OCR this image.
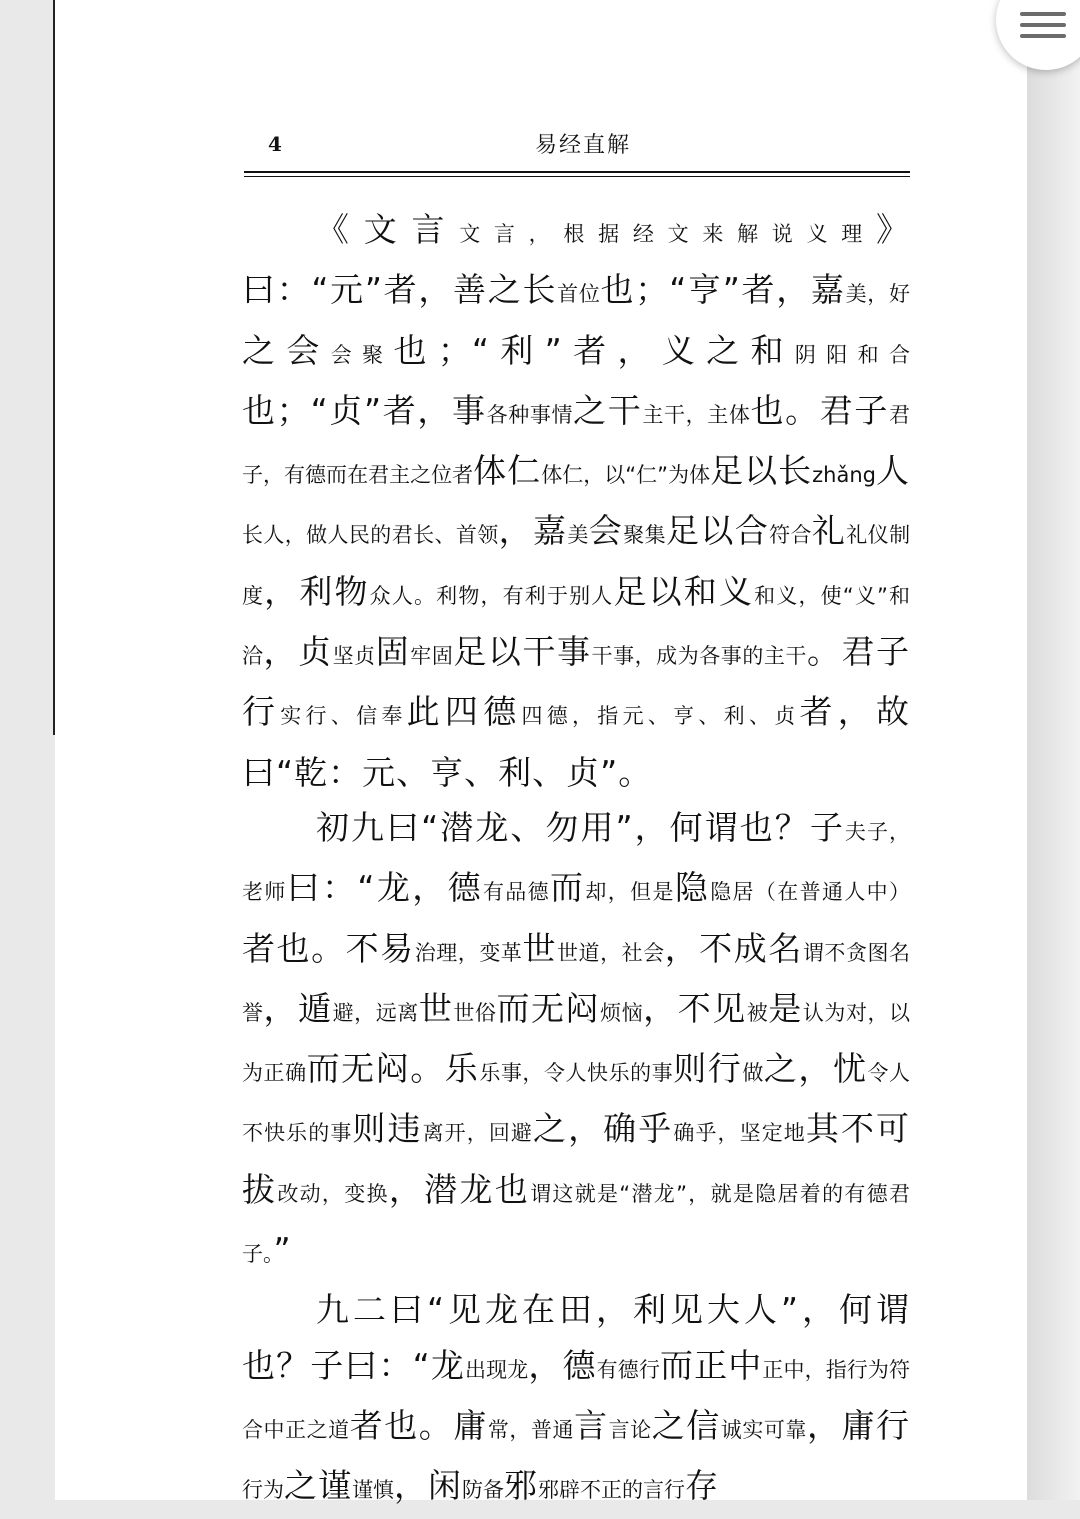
4	易经直解

《文言文言，根据经文来解说义理》曰：“元”者，善之长首位也；“亨”者，嘉美，好之会会聚也；“利”者，义之和阴阳和合也；“贞”者，事各种事情之干主干，主体也。君子君子，有德而在君主之位者体仁体仁，以“仁”为体足以长zhǎng人长人，做人民的君长、首领，嘉美会聚集足以合符合礼礼仪制度，利物众人。利物，有利于别人足以和义和义，使“义”和洽，贞坚贞固牢固足以干事干事，成为各事的主干。君子行实行、信奉此四德四德，指元、亨、利、贞者，故曰“乾：元、亨、利、贞”。

初九曰“潜龙、勿用”，何谓也？子夫子，老师曰：“龙，德有品德而却，但是隐隐居（在普通人中）者也。不易治理，变革世世道，社会，不成名谓不贪图名誉，遁避，远离世世俗而无闷烦恼，不见被是认为对，以为正确而无闷。乐乐事，令人快乐的事则行做之，忧令人不快乐的事则违离开，回避之，确乎确乎，坚定地其不可拔改动，变换，潜龙也谓这就是“潜龙”，就是隐居着的有德君子。”

九二曰“见龙在田，利见大人”，何谓也？子曰：“龙出现龙，德有德行而正中正中，指行为符合中正之道者也。庸常，普通言言论之信诚实可靠，庸行行为之谨谨慎，闲防备邪邪辟不正的言行存
